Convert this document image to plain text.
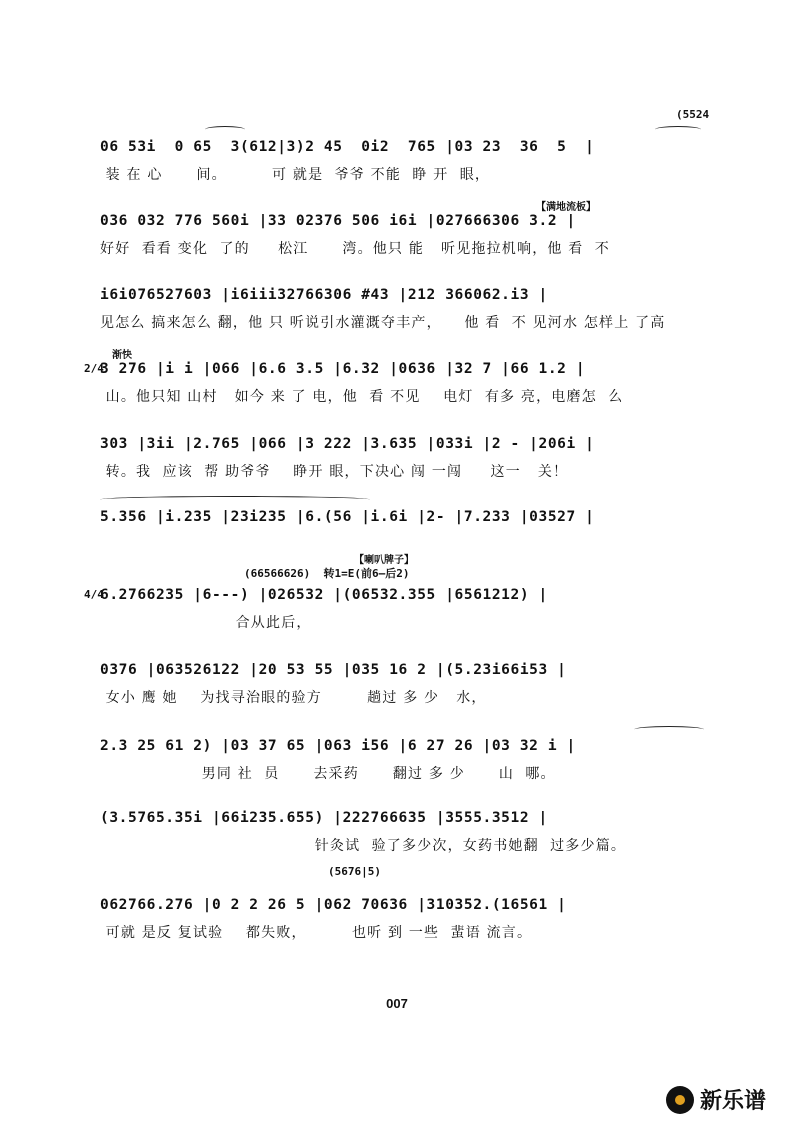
(5524
06 53i  0 65  3(612|3)2 45  0i2  765 |03 23  36  5  |
装 在 心      间。        可 就是  爷爷 不能  睁 开  眼，
【满地流板】
036 032 776 560i |33 02376 506 i6i |027666306 3.2 |
好好  看看 变化  了的     松江      湾。他只 能   听见拖拉机响，他 看  不
i6i076527603 |i6iii32766306 #43 |212 366062.i3 |
见怎么 搞来怎么 翻，他 只 听说引水灌溉夺丰产，    他 看  不 见河水 怎样上 了高
渐快
2/4
3 276 |i i |066 |6.6 3.5 |6.32 |0636 |32 7 |66 1.2 |
山。他只知 山村   如今 来 了 电，他  看 不见    电灯  有多 亮，电磨怎  么
303 |3ii |2.765 |066 |3 222 |3.635 |033i |2 - |206i |
转。我  应该  帮 助爷爷    睁开 眼，下决心 闯 一闯     这一   关！
5.356 |i.235 |23i235 |6.(56 |i.6i |2- |7.233 |03527 |
【喇叭牌子】
(66566626)  转1=E(前6—后2)
4/4
6.2766235 |6---) |026532 |(06532.355 |6561212) |
合从此后，
0376 |063526122 |20 53 55 |035 16 2 |(5.23i66i53 |
女小 鹰 她    为找寻治眼的验方        趟过 多 少   水，
2.3 25 61 2) |03 37 65 |063 i56 |6 27 26 |03 32 i |
男同 社  员      去采药      翻过 多 少      山  哪。
(3.5765.35i |66i235.655) |222766635 |3555.3512 |
针灸试  验了多少次，女药书她翻  过多少篇。
(5676|5)
062766.276 |0 2 2 26 5 |062 70636 |310352.(16561 |
可就 是反 复试验    都失败，        也听 到 一些  蜚语 流言。
007
新乐谱
